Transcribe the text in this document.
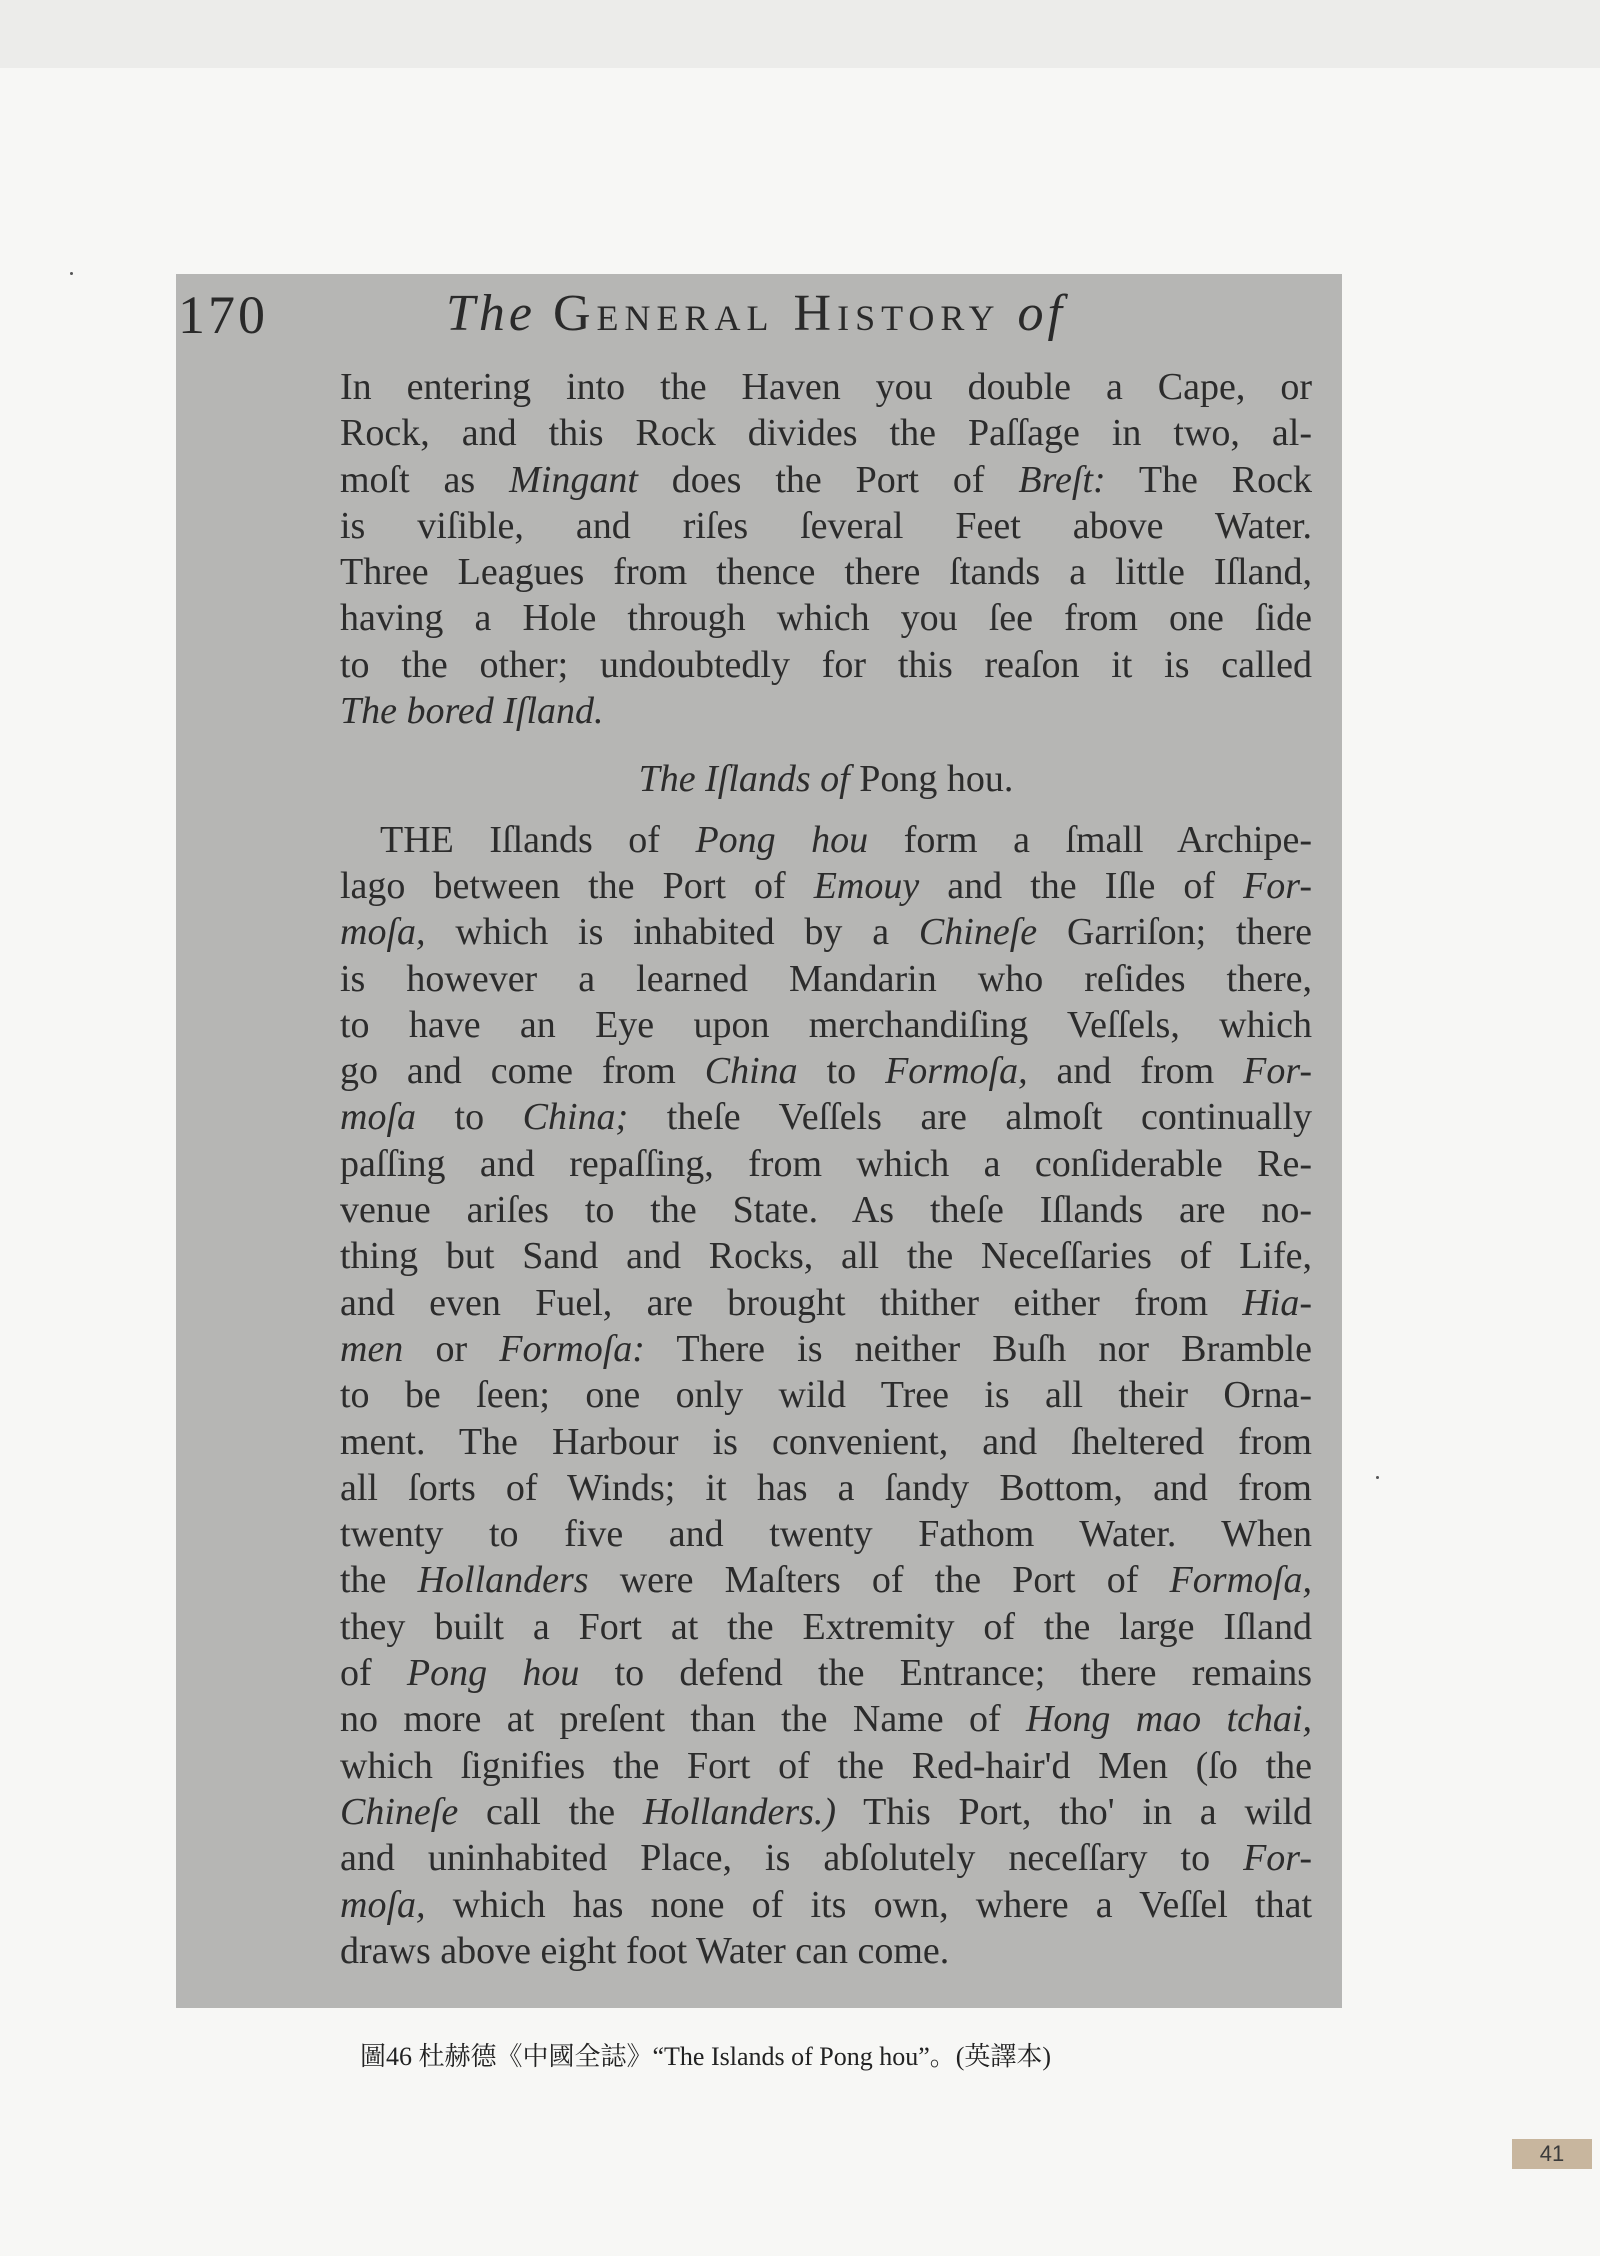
170	The General History of
In entering into the Haven you double a Cape, or
Rock, and this Rock divides the Paſſage in two, al-
moſt as Mingant does the Port of Breſt: The Rock
is viſible, and riſes ſeveral Feet above Water.
Three Leagues from thence there ſtands a little Iſland,
having a Hole through which you ſee from one ſide
to the other; undoubtedly for this reaſon it is called
The bored Iſland.
The Iſlands of Pong hou.
THE Iſlands of Pong hou form a ſmall Archipe-
lago between the Port of Emouy and the Iſle of For-
moſa, which is inhabited by a Chineſe Garriſon; there
is however a learned Mandarin who reſides there,
to have an Eye upon merchandiſing Veſſels, which
go and come from China to Formoſa, and from For-
moſa to China; theſe Veſſels are almoſt continually
paſſing and repaſſing, from which a conſiderable Re-
venue ariſes to the State. As theſe Iſlands are no-
thing but Sand and Rocks, all the Neceſſaries of Life,
and even Fuel, are brought thither either from Hia-
men or Formoſa: There is neither Buſh nor Bramble
to be ſeen; one only wild Tree is all their Orna-
ment. The Harbour is convenient, and ſheltered from
all ſorts of Winds; it has a ſandy Bottom, and from
twenty to five and twenty Fathom Water. When
the Hollanders were Maſters of the Port of Formoſa,
they built a Fort at the Extremity of the large Iſland
of Pong hou to defend the Entrance; there remains
no more at preſent than the Name of Hong mao tchai,
which ſignifies the Fort of the Red-hair'd Men (ſo the
Chineſe call the Hollanders.) This Port, tho' in a wild
and uninhabited Place, is abſolutely neceſſary to For-
moſa, which has none of its own, where a Veſſel that
draws above eight foot Water can come.
圖46 杜赫德《中國全誌》“The Islands of Pong hou”。(英譯本)
41
